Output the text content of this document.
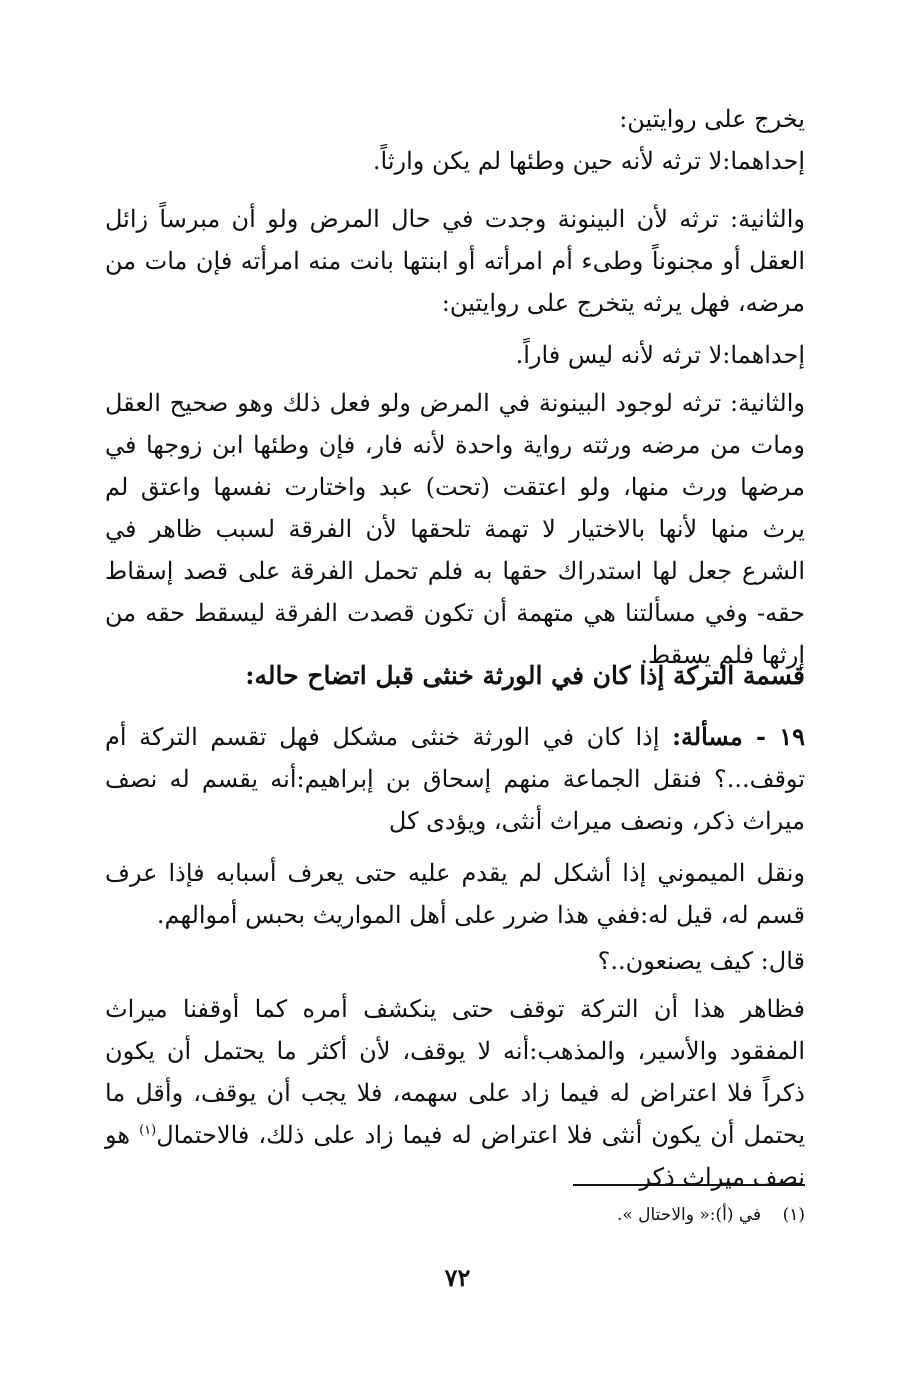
يخرج على روايتين:
إحداهما:لا ترثه لأنه حين وطئها لم يكن وارثاً.
والثانية: ترثه لأن البينونة وجدت في حال المرض ولو أن مبرساً زائل العقل أو مجنوناً وطىء أم امرأته أو ابنتها بانت منه امرأته فإن مات من مرضه، فهل يرثه يتخرج على روايتين:
إحداهما:لا ترثه لأنه ليس فاراً.
والثانية: ترثه لوجود البينونة في المرض ولو فعل ذلك وهو صحيح العقل ومات من مرضه ورثته رواية واحدة لأنه فار، فإن وطئها ابن زوجها في مرضها ورث منها، ولو اعتقت (تحت) عبد واختارت نفسها واعتق لم يرث منها لأنها بالاختيار لا تهمة تلحقها لأن الفرقة لسبب ظاهر في الشرع جعل لها استدراك حقها به فلم تحمل الفرقة على قصد إسقاط حقه- وفي مسألتنا هي متهمة أن تكون قصدت الفرقة ليسقط حقه من إرثها فلم يسقط.
قسمة التركة إذا كان في الورثة خنثى قبل اتضاح حاله:
١٩ - مسألة: إذا كان في الورثة خنثى مشكل فهل تقسم التركة أم توقف...؟ فنقل الجماعة منهم إسحاق بن إبراهيم:أنه يقسم له نصف ميراث ذكر، ونصف ميراث أنثى، ويؤدى كل
ونقل الميموني إذا أشكل لم يقدم عليه حتى يعرف أسبابه فإذا عرف قسم له، قيل له:ففي هذا ضرر على أهل المواريث بحبس أموالهم.
قال: كيف يصنعون..؟
فظاهر هذا أن التركة توقف حتى ينكشف أمره كما أوقفنا ميراث المفقود والأسير، والمذهب:أنه لا يوقف، لأن أكثر ما يحتمل أن يكون ذكراً فلا اعتراض له فيما زاد على سهمه، فلا يجب أن يوقف، وأقل ما يحتمل أن يكون أنثى فلا اعتراض له فيما زاد على ذلك، فالاحتمال$^{(١)}$ هو نصف ميراث ذكر
(١) في (أ):« والاحتال ».
٧٢
